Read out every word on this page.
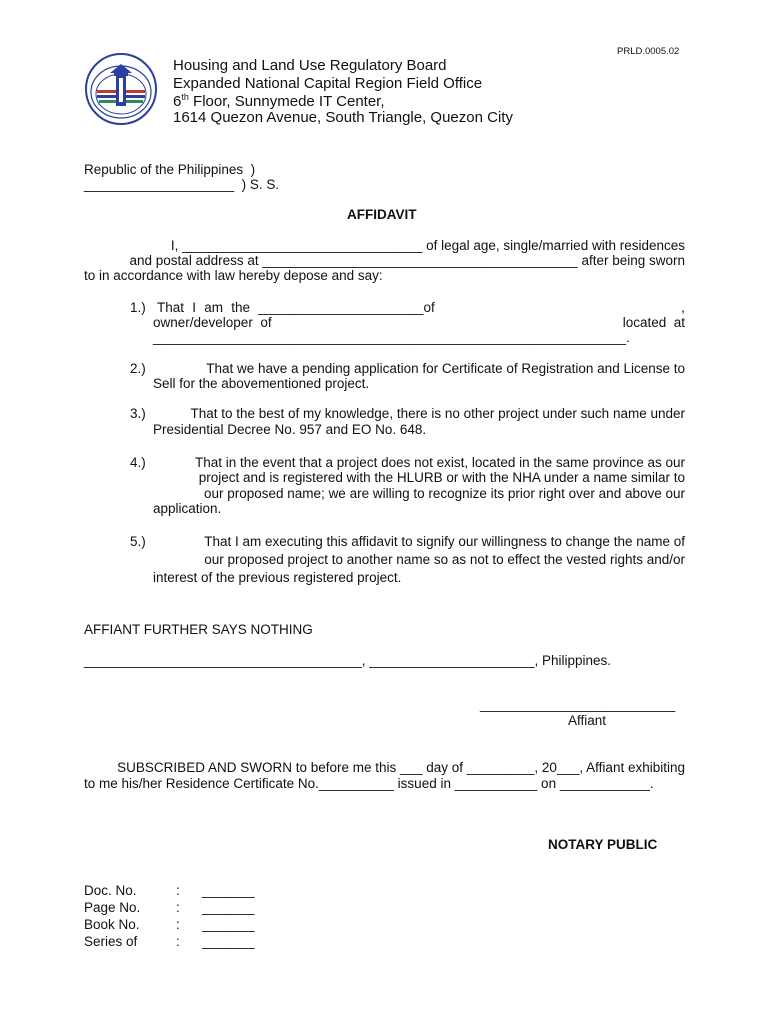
PRLD.0005.02
Housing and Land Use Regulatory Board
Expanded National Capital Region Field Office
6th Floor, Sunnymede IT Center,
1614 Quezon Avenue, South Triangle, Quezon City
Republic of the Philippines  )
____________________  ) S. S.
AFFIDAVIT
I, ________________________________ of legal age, single/married with residences
and postal address at __________________________________________ after being sworn
to in accordance with law hereby depose and say:
1.) That I am the ______________________of	,
owner/developer  of	located  at
_______________________________________________________________.
2.)	That we have a pending application for Certificate of Registration and License to
Sell for the abovementioned project.
3.)	That to the best of my knowledge, there is no other project under such name under
Presidential Decree No. 957 and EO No. 648.
4.)	That in the event that a project does not exist, located in the same province as our
project and is registered with the HLURB or with the NHA under a name similar to
our proposed name; we are willing to recognize its prior right over and above our
application.
5.)	That I am executing this affidavit to signify our willingness to change the name of
our proposed project to another name so as not to effect the vested rights and/or
interest of the previous registered project.
AFFIANT FURTHER SAYS NOTHING
_____________________________________, ______________________, Philippines.
__________________________
Affiant
SUBSCRIBED AND SWORN to before me this ___ day of _________, 20___, Affiant exhibiting
to me his/her Residence Certificate No.__________ issued in ___________ on ____________.
NOTARY PUBLIC
Doc. No.	: _______
Page No.	: _______
Book No.	: _______
Series of	: _______
